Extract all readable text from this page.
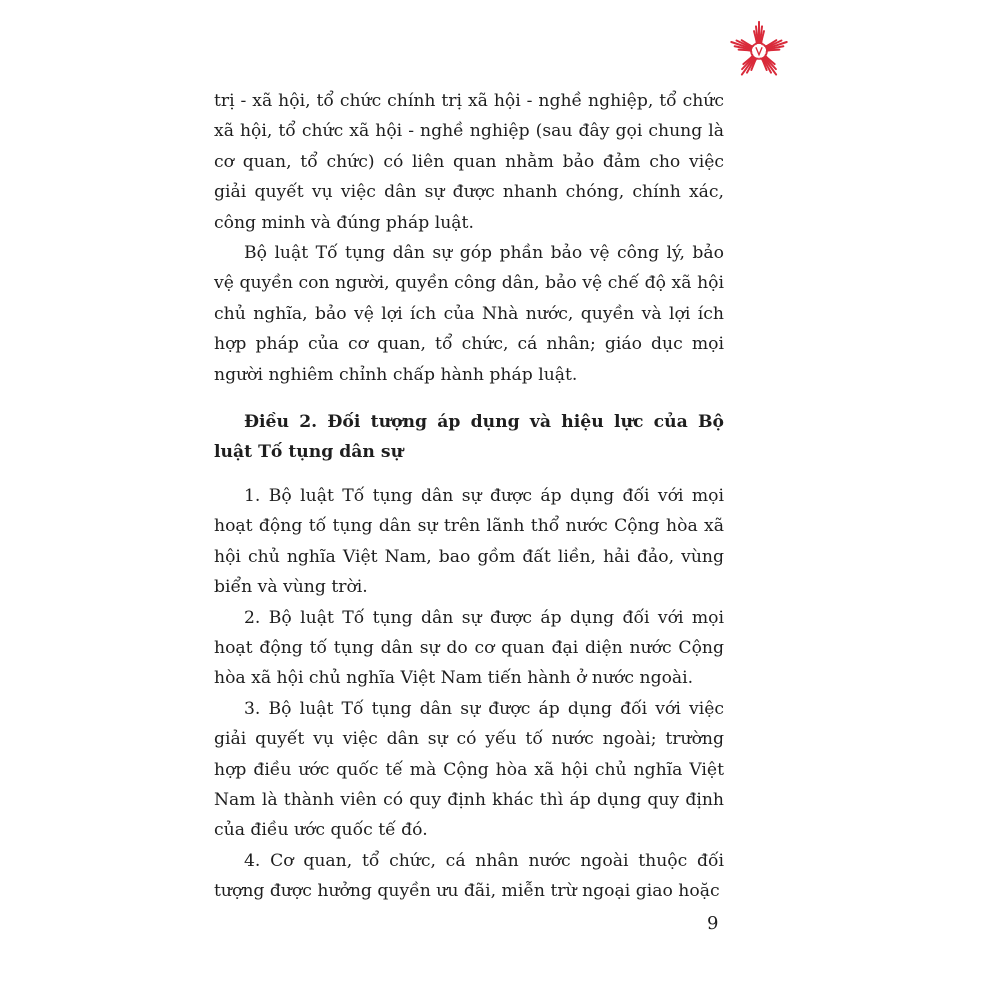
trị - xã hội, tổ chức chính trị xã hội - nghề nghiệp, tổ chức xã hội, tổ chức xã hội - nghề nghiệp (sau đây gọi chung là cơ quan, tổ chức) có liên quan nhằm bảo đảm cho việc giải quyết vụ việc dân sự được nhanh chóng, chính xác, công minh và đúng pháp luật.

Bộ luật Tố tụng dân sự góp phần bảo vệ công lý, bảo vệ quyền con người, quyền công dân, bảo vệ chế độ xã hội chủ nghĩa, bảo vệ lợi ích của Nhà nước, quyền và lợi ích hợp pháp của cơ quan, tổ chức, cá nhân; giáo dục mọi người nghiêm chỉnh chấp hành pháp luật.

Điều 2. Đối tượng áp dụng và hiệu lực của Bộ luật Tố tụng dân sự

1. Bộ luật Tố tụng dân sự được áp dụng đối với mọi hoạt động tố tụng dân sự trên lãnh thổ nước Cộng hòa xã hội chủ nghĩa Việt Nam, bao gồm đất liền, hải đảo, vùng biển và vùng trời.

2. Bộ luật Tố tụng dân sự được áp dụng đối với mọi hoạt động tố tụng dân sự do cơ quan đại diện nước Cộng hòa xã hội chủ nghĩa Việt Nam tiến hành ở nước ngoài.

3. Bộ luật Tố tụng dân sự được áp dụng đối với việc giải quyết vụ việc dân sự có yếu tố nước ngoài; trường hợp điều ước quốc tế mà Cộng hòa xã hội chủ nghĩa Việt Nam là thành viên có quy định khác thì áp dụng quy định của điều ước quốc tế đó.

4. Cơ quan, tổ chức, cá nhân nước ngoài thuộc đối tượng được hưởng quyền ưu đãi, miễn trừ ngoại giao hoặc

9
